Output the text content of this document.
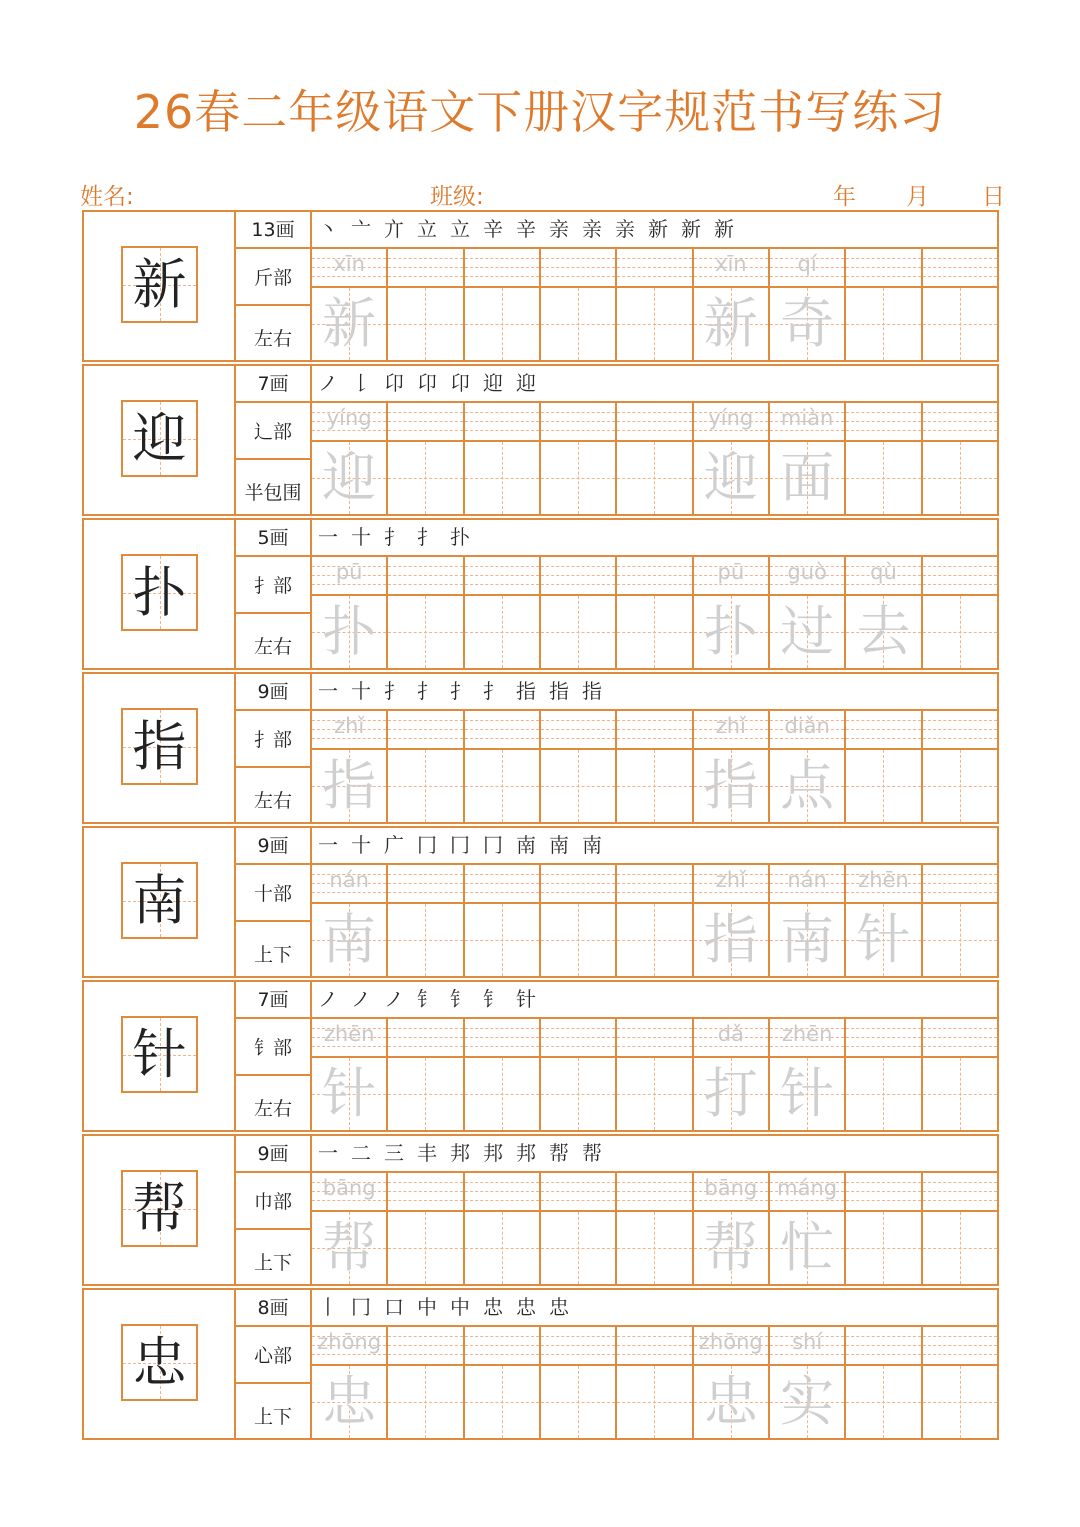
26春二年级语文下册汉字规范书写练习
姓名:	班级:	年 月 日
新
13画
斤部
左右
丶 亠 亣 立 立 辛 辛 亲 亲 亲 新 新 新
xīn
新
xīn
新
qí
奇
迎
7画
辶部
半包围
ノ 𠄌 卬 卬 卬 迎 迎
yíng
迎
yíng
迎
miàn
面
扑
5画
扌部
左右
一 十 扌 扌 扑
pū
扑
pū
扑
guò
过
qù
去
指
9画
扌部
左右
一 十 扌 扌 扌 扌 指 指 指
zhǐ
指
zhǐ
指
diǎn
点
南
9画
十部
上下
一 十 广 冂 冂 冂 南 南 南
nán
南
zhǐ
指
nán
南
zhēn
针
针
7画
钅部
左右
ノ ノ ノ 钅 钅 钅 针
zhēn
针
dǎ
打
zhēn
针
帮
9画
巾部
上下
一 二 三 丰 邦 邦 邦 帮 帮
bāng
帮
bāng
帮
máng
忙
忠
8画
心部
上下
丨 冂 口 中 中 忠 忠 忠
zhōng
忠
zhōng
忠
shí
实
